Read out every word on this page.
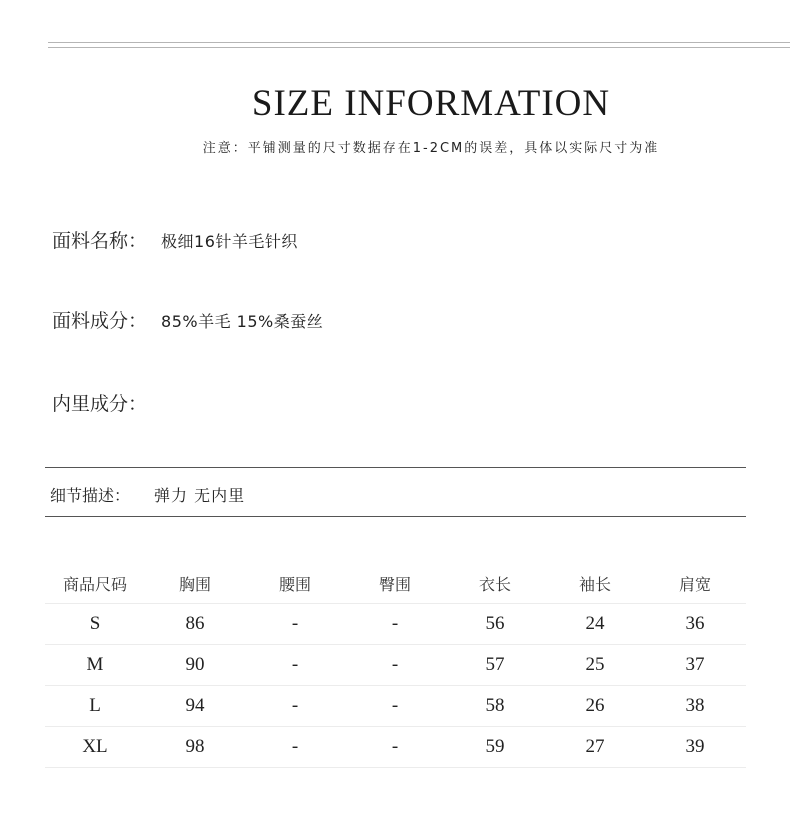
SIZE INFORMATION
注意：平铺测量的尺寸数据存在1-2CM的误差，具体以实际尺寸为准
面料名称： 极细16针羊毛针织
面料成分： 85%羊毛 15%桑蚕丝
内里成分：
细节描述： 弹力 无内里
商品尺码	胸围	腰围	臀围	衣长	袖长	肩宽
S	86	-	-	56	24	36
M	90	-	-	57	25	37
L	94	-	-	58	26	38
XL	98	-	-	59	27	39
